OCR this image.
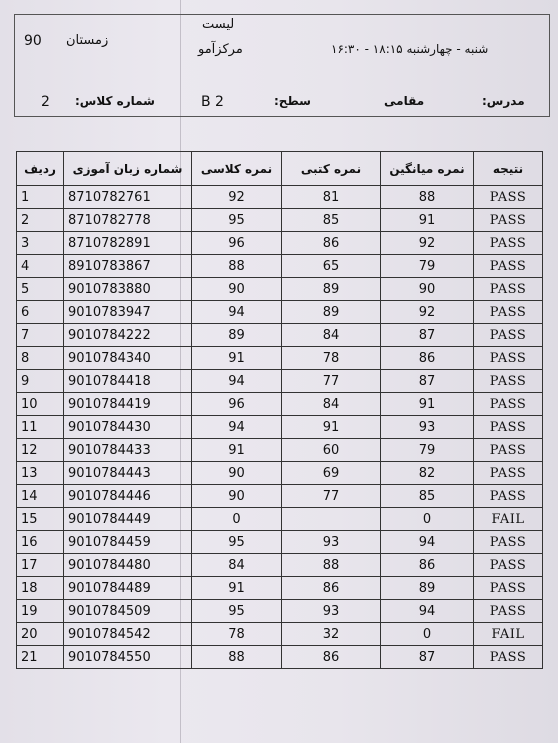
لیست
مرکزآمو
90 زمستان
شنبه - چهارشنبه ۱۸:۱۵ - ۱۶:۳۰
2 شماره کلاس:	B 2	سطح:	مقامی	مدرس:
ردیف	شماره زبان آموزی	نمره کلاسی	نمره کتبی	نمره میانگین	نتیجه
1	8710782761	92	81	88	PASS
2	8710782778	95	85	91	PASS
3	8710782891	96	86	92	PASS
4	8910783867	88	65	79	PASS
5	9010783880	90	89	90	PASS
6	9010783947	94	89	92	PASS
7	9010784222	89	84	87	PASS
8	9010784340	91	78	86	PASS
9	9010784418	94	77	87	PASS
10	9010784419	96	84	91	PASS
11	9010784430	94	91	93	PASS
12	9010784433	91	60	79	PASS
13	9010784443	90	69	82	PASS
14	9010784446	90	77	85	PASS
15	9010784449	0		0	FAIL
16	9010784459	95	93	94	PASS
17	9010784480	84	88	86	PASS
18	9010784489	91	86	89	PASS
19	9010784509	95	93	94	PASS
20	9010784542	78	32	0	FAIL
21	9010784550	88	86	87	PASS
